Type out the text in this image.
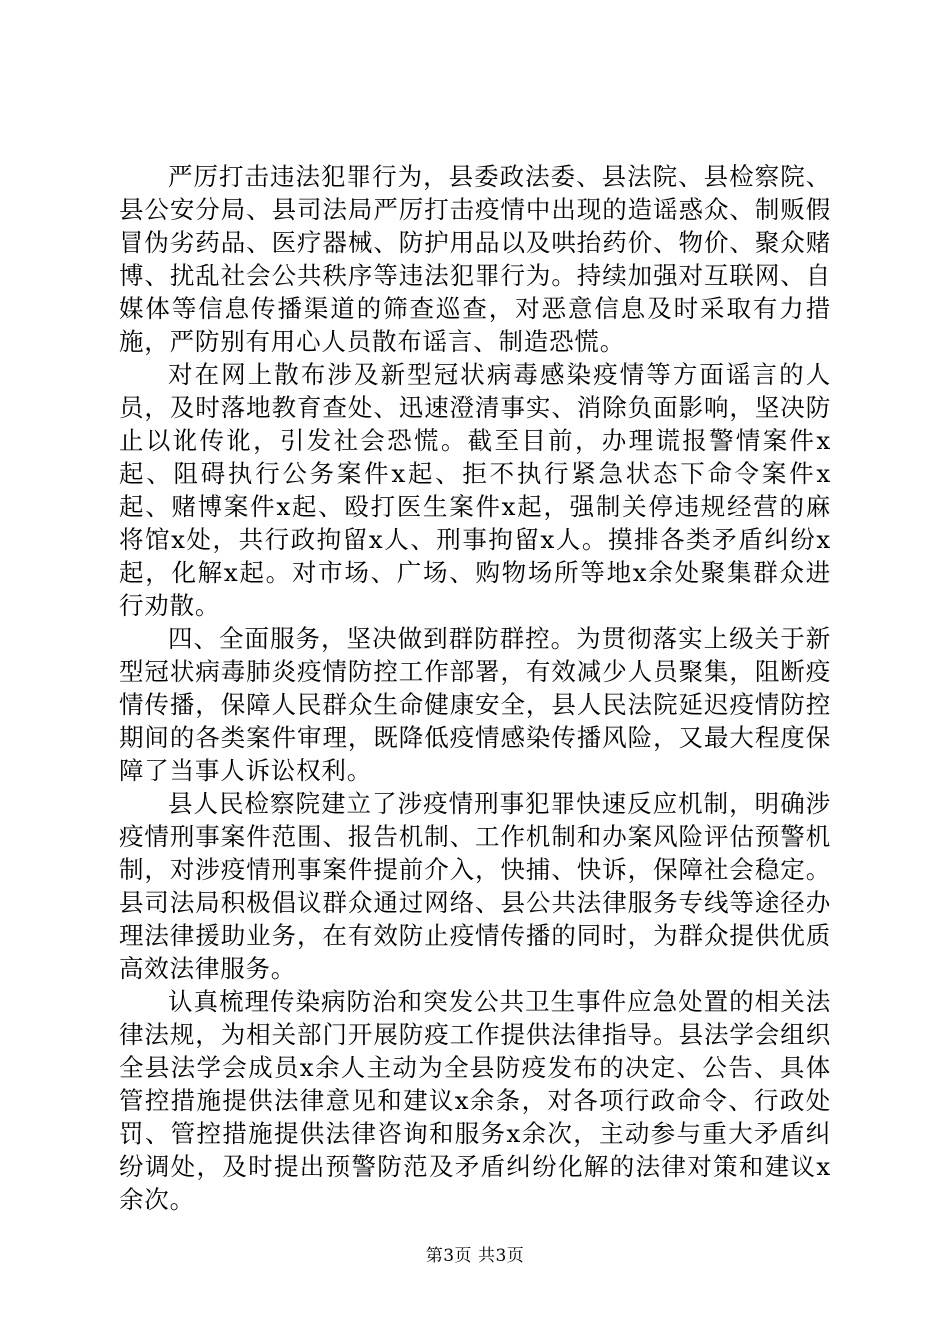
严厉打击违法犯罪行为，县委政法委、县法院、县检察院、县公安分局、县司法局严厉打击疫情中出现的造谣惑众、制贩假冒伪劣药品、医疗器械、防护用品以及哄抬药价、物价、聚众赌博、扰乱社会公共秩序等违法犯罪行为。持续加强对互联网、自媒体等信息传播渠道的筛查巡查，对恶意信息及时采取有力措施，严防别有用心人员散布谣言、制造恐慌。

对在网上散布涉及新型冠状病毒感染疫情等方面谣言的人员，及时落地教育查处、迅速澄清事实、消除负面影响，坚决防止以讹传讹，引发社会恐慌。截至目前，办理谎报警情案件x起、阻碍执行公务案件x起、拒不执行紧急状态下命令案件x起、赌博案件x起、殴打医生案件x起，强制关停违规经营的麻将馆x处，共行政拘留x人、刑事拘留x人。摸排各类矛盾纠纷x起，化解x起。对市场、广场、购物场所等地x余处聚集群众进行劝散。

四、全面服务，坚决做到群防群控。为贯彻落实上级关于新型冠状病毒肺炎疫情防控工作部署，有效减少人员聚集，阻断疫情传播，保障人民群众生命健康安全，县人民法院延迟疫情防控期间的各类案件审理，既降低疫情感染传播风险，又最大程度保障了当事人诉讼权利。

县人民检察院建立了涉疫情刑事犯罪快速反应机制，明确涉疫情刑事案件范围、报告机制、工作机制和办案风险评估预警机制，对涉疫情刑事案件提前介入，快捕、快诉，保障社会稳定。县司法局积极倡议群众通过网络、县公共法律服务专线等途径办理法律援助业务，在有效防止疫情传播的同时，为群众提供优质高效法律服务。

认真梳理传染病防治和突发公共卫生事件应急处置的相关法律法规，为相关部门开展防疫工作提供法律指导。县法学会组织全县法学会成员x余人主动为全县防疫发布的决定、公告、具体管控措施提供法律意见和建议x余条，对各项行政命令、行政处罚、管控措施提供法律咨询和服务x余次，主动参与重大矛盾纠纷调处，及时提出预警防范及矛盾纠纷化解的法律对策和建议x余次。

第3页 共3页
